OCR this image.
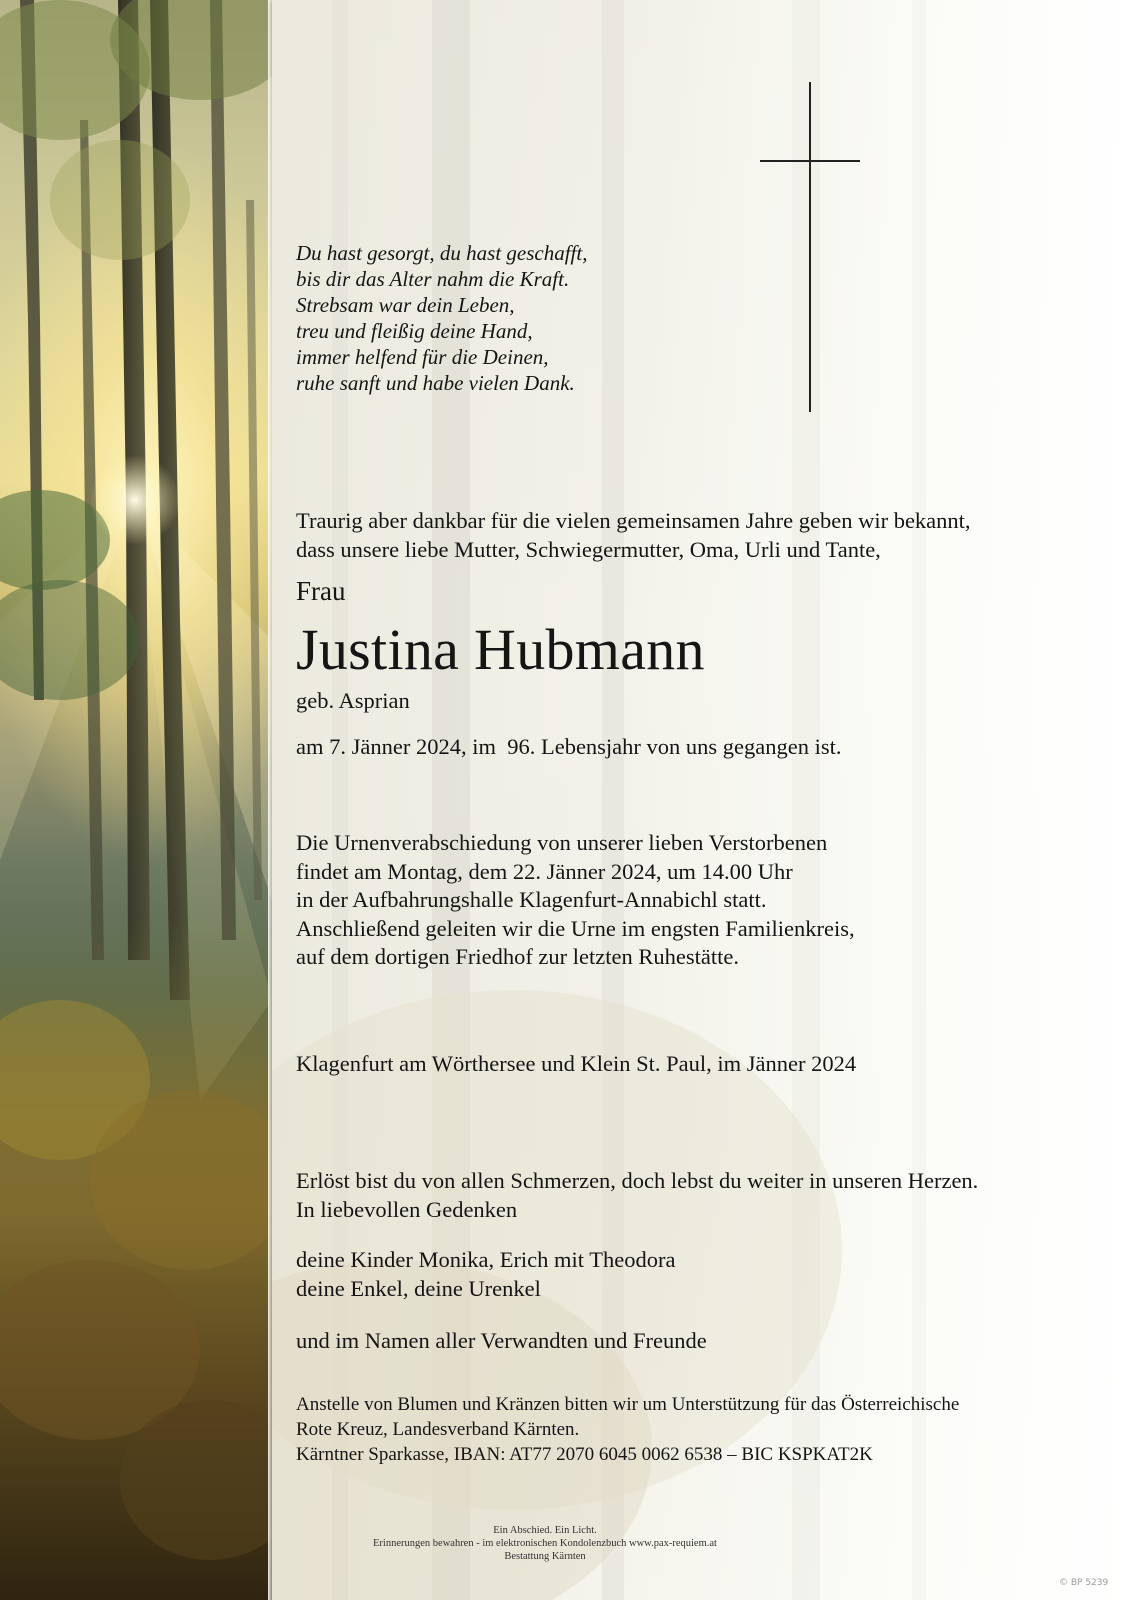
Du hast gesorgt, du hast geschafft,
bis dir das Alter nahm die Kraft.
Strebsam war dein Leben,
treu und fleißig deine Hand,
immer helfend für die Deinen,
ruhe sanft und habe vielen Dank.
Traurig aber dankbar für die vielen gemeinsamen Jahre geben wir bekannt,
dass unsere liebe Mutter, Schwiegermutter, Oma, Urli und Tante,
Frau
Justina Hubmann
geb. Asprian
am 7. Jänner 2024, im  96. Lebensjahr von uns gegangen ist.
Die Urnenverabschiedung von unserer lieben Verstorbenen
findet am Montag, dem 22. Jänner 2024, um 14.00 Uhr
in der Aufbahrungshalle Klagenfurt-Annabichl statt.
Anschließend geleiten wir die Urne im engsten Familienkreis,
auf dem dortigen Friedhof zur letzten Ruhestätte.
Klagenfurt am Wörthersee und Klein St. Paul, im Jänner 2024
Erlöst bist du von allen Schmerzen, doch lebst du weiter in unseren Herzen.
In liebevollen Gedenken
deine Kinder Monika, Erich mit Theodora
deine Enkel, deine Urenkel
und im Namen aller Verwandten und Freunde
Anstelle von Blumen und Kränzen bitten wir um Unterstützung für das Österreichische
Rote Kreuz, Landesverband Kärnten.
Kärntner Sparkasse, IBAN: AT77 2070 6045 0062 6538 – BIC KSPKAT2K
Ein Abschied. Ein Licht.
Erinnerungen bewahren - im elektronischen Kondolenzbuch www.pax-requiem.at
Bestattung Kärnten
© BP 5239
